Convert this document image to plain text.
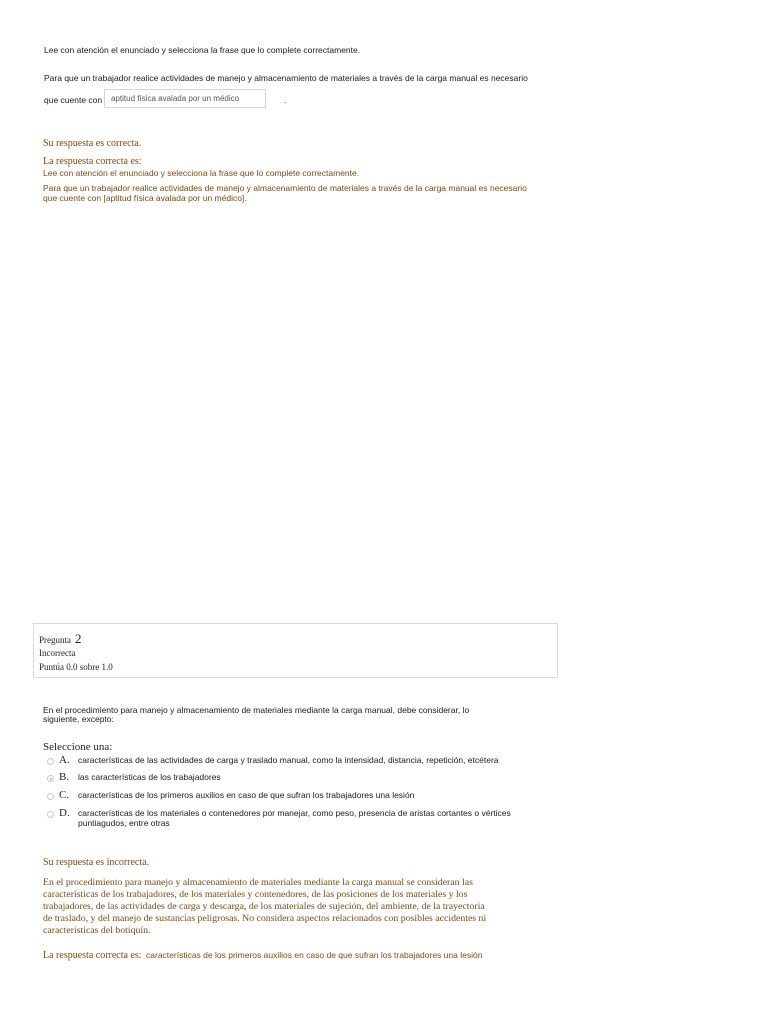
Lee con atención el enunciado y selecciona la frase que lo complete correctamente.
Para que un trabajador realice actividades de manejo y almacenamiento de materiales a través de la carga manual es necesario
que cuente con	aptitud física avalada por un médico	.
Su respuesta es correcta.
La respuesta correcta es:
Lee con atención el enunciado y selecciona la frase que lo complete correctamente.
Para que un trabajador realice actividades de manejo y almacenamiento de materiales a través de la carga manual es necesario
que cuente con [aptitud física avalada por un médico].
Pregunta 2
Incorrecta
Puntúa 0.0 sobre 1.0
En el procedimiento para manejo y almacenamiento de materiales mediante la carga manual, debe considerar, lo
siguiente, excepto:
Seleccione una:
A. características de las actividades de carga y traslado manual, como la intensidad, distancia, repetición, etcétera
B. las características de los trabajadores
C. características de los primeros auxilios en caso de que sufran los trabajadores una lesión
D. características de los materiales o contenedores por manejar, como peso, presencia de aristas cortantes o vértices
puntiagudos, entre otras
Su respuesta es incorrecta.
En el procedimiento para manejo y almacenamiento de materiales mediante la carga manual se consideran las
características de los trabajadores, de los materiales y contenedores, de las posiciones de los materiales y los
trabajadores, de las actividades de carga y descarga, de los materiales de sujeción, del ambiente, de la trayectoria
de traslado, y del manejo de sustancias peligrosas. No considera aspectos relacionados con posibles accidentes ni
características del botiquín.
La respuesta correcta es: características de los primeros auxilios en caso de que sufran los trabajadores una lesión
